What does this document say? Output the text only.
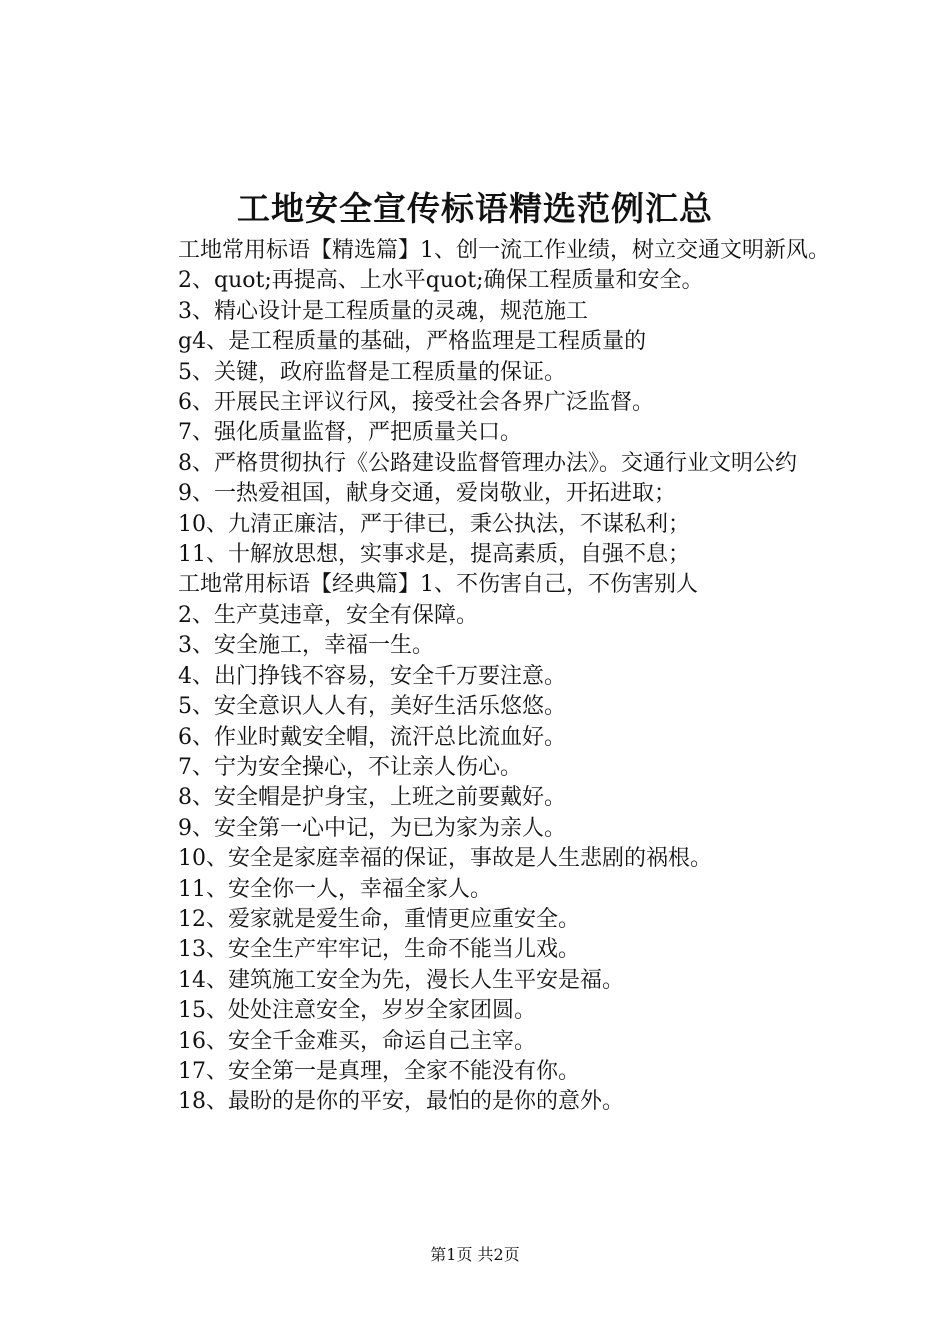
工地安全宣传标语精选范例汇总

工地常用标语【精选篇】1、创一流工作业绩，树立交通文明新风。

2、quot;再提高、上水平quot;确保工程质量和安全。

3、精心设计是工程质量的灵魂，规范施工

g4、是工程质量的基础，严格监理是工程质量的

5、关键，政府监督是工程质量的保证。

6、开展民主评议行风，接受社会各界广泛监督。

7、强化质量监督，严把质量关口。

8、严格贯彻执行《公路建设监督管理办法》。交通行业文明公约

9、一热爱祖国，献身交通，爱岗敬业，开拓进取；

10、九清正廉洁，严于律已，秉公执法，不谋私利；

11、十解放思想，实事求是，提高素质，自强不息；

工地常用标语【经典篇】1、不伤害自己，不伤害别人

2、生产莫违章，安全有保障。

3、安全施工，幸福一生。

4、出门挣钱不容易，安全千万要注意。

5、安全意识人人有，美好生活乐悠悠。

6、作业时戴安全帽，流汗总比流血好。

7、宁为安全操心，不让亲人伤心。

8、安全帽是护身宝，上班之前要戴好。

9、安全第一心中记，为已为家为亲人。

10、安全是家庭幸福的保证，事故是人生悲剧的祸根。

11、安全你一人，幸福全家人。

12、爱家就是爱生命，重情更应重安全。

13、安全生产牢牢记，生命不能当儿戏。

14、建筑施工安全为先，漫长人生平安是福。

15、处处注意安全，岁岁全家团圆。

16、安全千金难买，命运自己主宰。

17、安全第一是真理，全家不能没有你。

18、最盼的是你的平安，最怕的是你的意外。

第1页 共2页
